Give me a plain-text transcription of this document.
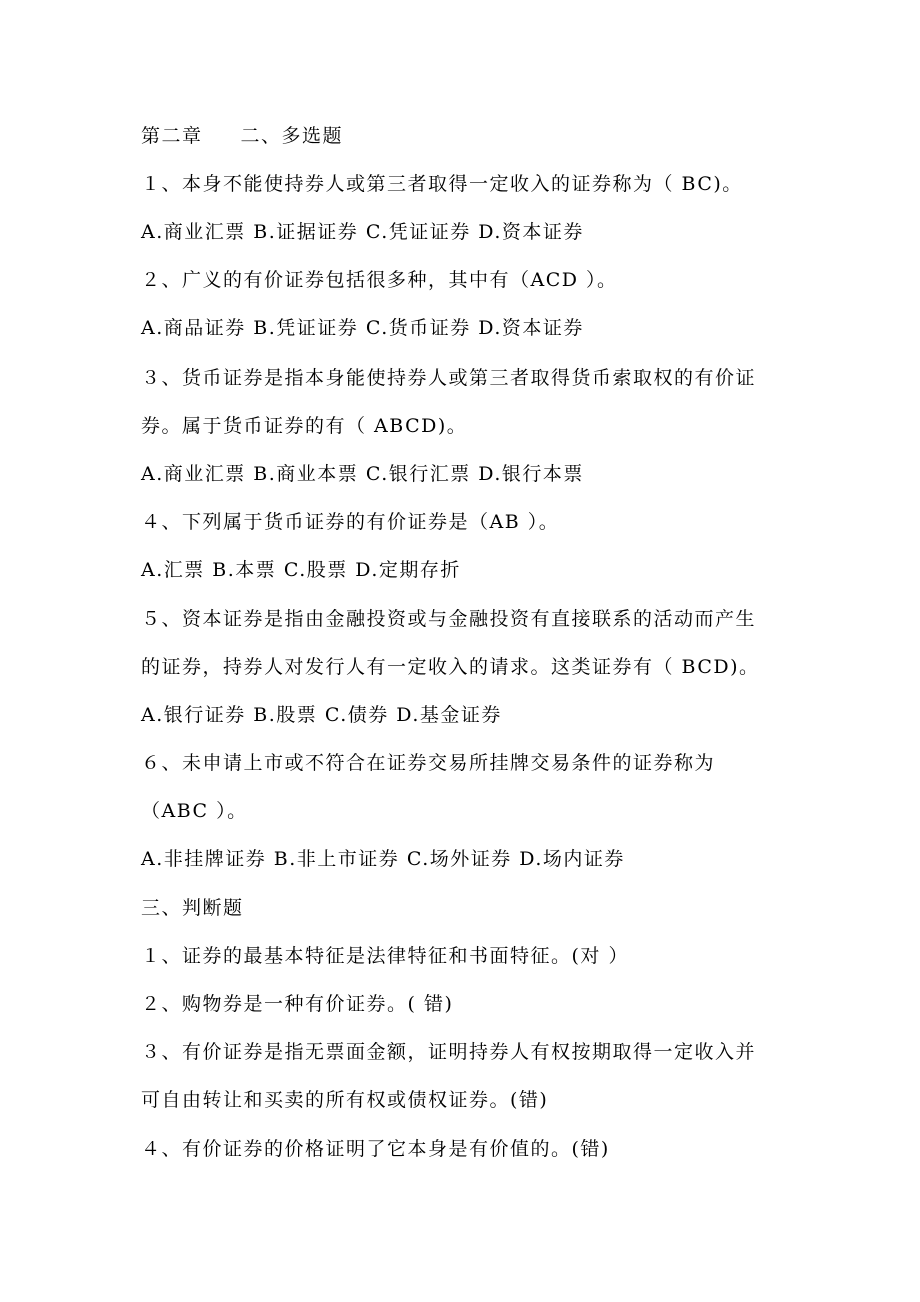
第二章 二、多选题
１、本身不能使持券人或第三者取得一定收入的证券称为（ BC)。
A.商业汇票 B.证据证券 C.凭证证券 D.资本证券
２、广义的有价证券包括很多种，其中有（ACD ）。
A.商品证券 B.凭证证券 C.货币证券 D.资本证券
３、货币证券是指本身能使持券人或第三者取得货币索取权的有价证
券。属于货币证券的有（ ABCD)。
A.商业汇票 B.商业本票 C.银行汇票 D.银行本票
４、下列属于货币证券的有价证券是（AB ）。
A.汇票 B.本票 C.股票 D.定期存折
５、资本证券是指由金融投资或与金融投资有直接联系的活动而产生
的证券，持券人对发行人有一定收入的请求。这类证券有（ BCD)。
A.银行证券 B.股票 C.债券 D.基金证券
６、未申请上市或不符合在证券交易所挂牌交易条件的证券称为
（ABC ）。
A.非挂牌证券 B.非上市证券 C.场外证券 D.场内证券
三、判断题
１、证券的最基本特征是法律特征和书面特征。(对 ）
２、购物券是一种有价证券。( 错)
３、有价证券是指无票面金额，证明持券人有权按期取得一定收入并
可自由转让和买卖的所有权或债权证券。(错)
４、有价证券的价格证明了它本身是有价值的。(错)
